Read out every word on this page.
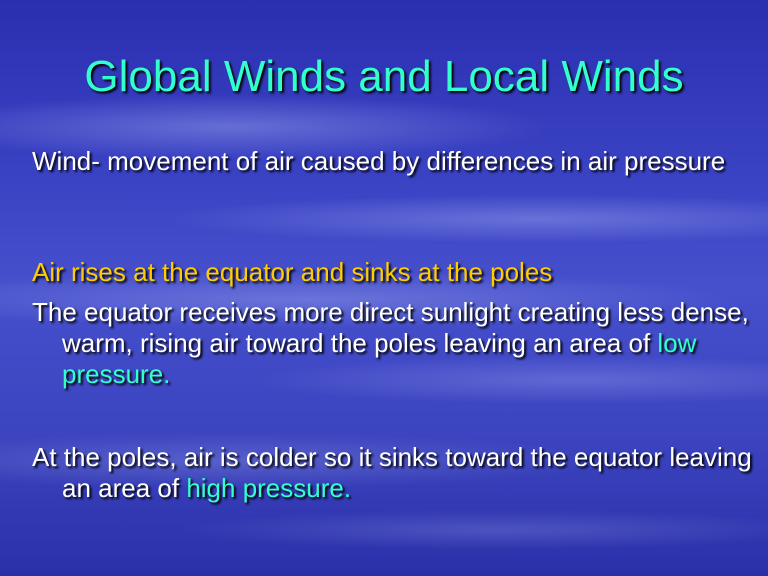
Global Winds and Local Winds

Wind- movement of air caused by differences in air pressure

Air rises at the equator and sinks at the poles

The equator receives more direct sunlight creating less dense, warm, rising air toward the poles leaving an area of low pressure.

At the poles, air is colder so it sinks toward the equator leaving an area of high pressure.
